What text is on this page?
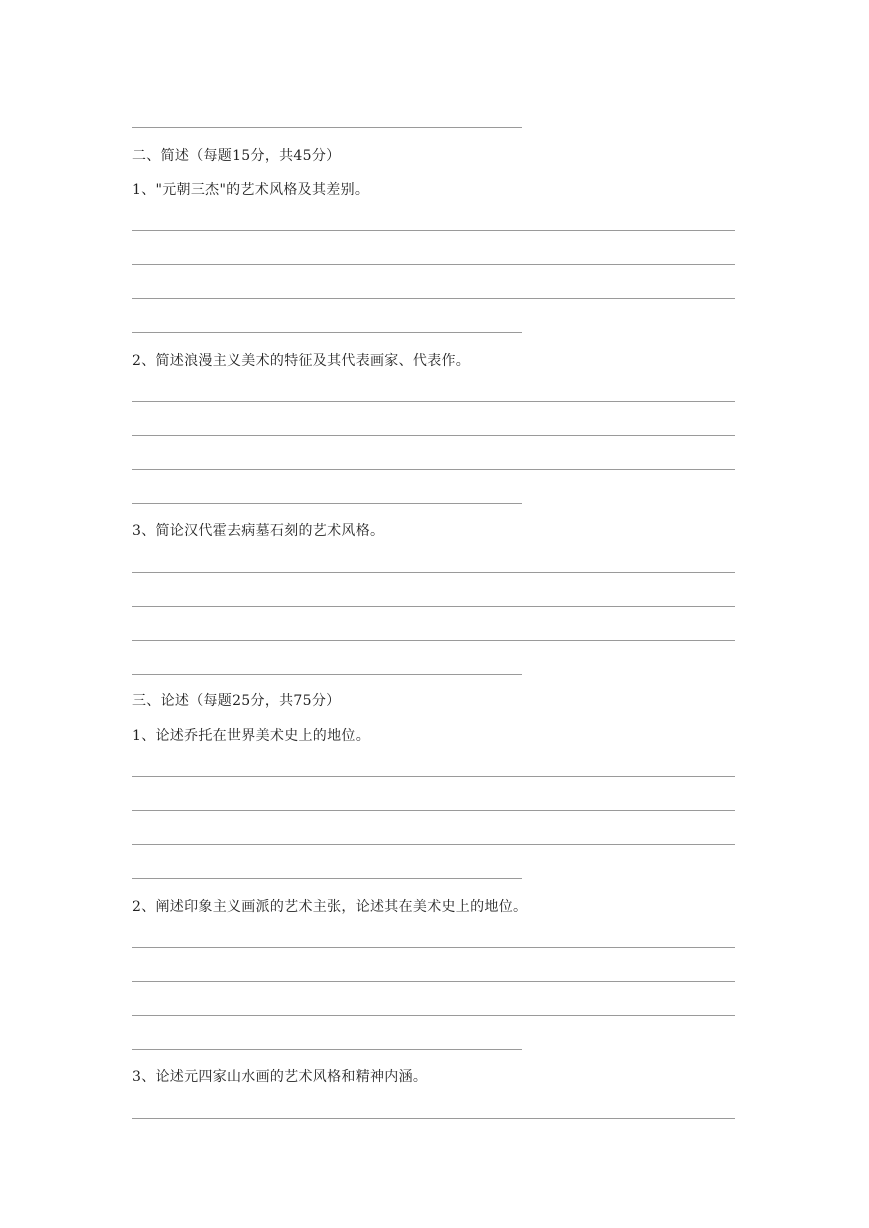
二、简述（每题15分，共45分）
1、"元朝三杰"的艺术风格及其差别。
2、简述浪漫主义美术的特征及其代表画家、代表作。
3、简论汉代霍去病墓石刻的艺术风格。
三、论述（每题25分，共75分）
1、论述乔托在世界美术史上的地位。
2、阐述印象主义画派的艺术主张，论述其在美术史上的地位。
3、论述元四家山水画的艺术风格和精神内涵。
